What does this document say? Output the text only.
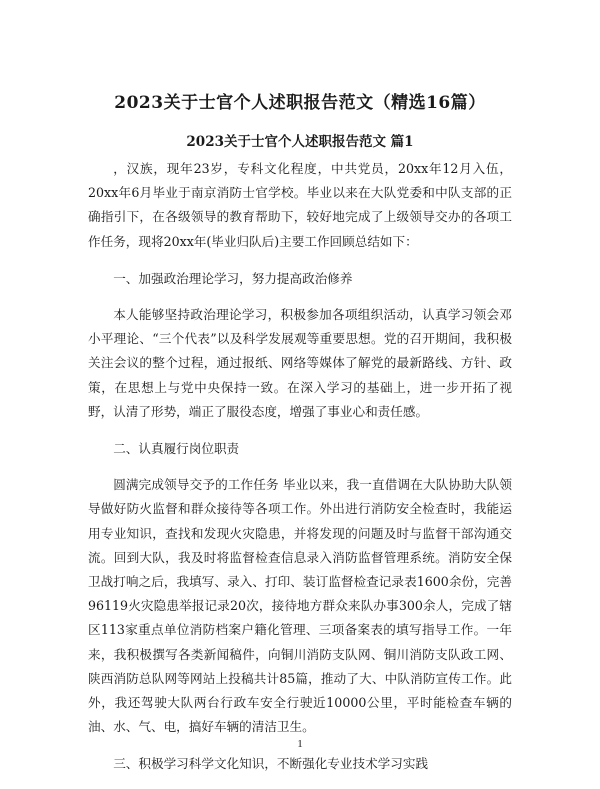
2023关于士官个人述职报告范文（精选16篇）
2023关于士官个人述职报告范文 篇1

，汉族，现年23岁，专科文化程度，中共党员，20xx年12月入伍，20xx年6月毕业于南京消防士官学校。毕业以来在大队党委和中队支部的正确指引下，在各级领导的教育帮助下，较好地完成了上级领导交办的各项工作任务，现将20xx年(毕业归队后)主要工作回顾总结如下：

一、加强政治理论学习，努力提高政治修养

本人能够坚持政治理论学习，积极参加各项组织活动，认真学习领会邓小平理论、“三个代表”以及科学发展观等重要思想。党的召开期间，我积极关注会议的整个过程，通过报纸、网络等媒体了解党的最新路线、方针、政策，在思想上与党中央保持一致。在深入学习的基础上，进一步开拓了视野，认清了形势，端正了服役态度，增强了事业心和责任感。

二、认真履行岗位职责

圆满完成领导交予的工作任务 毕业以来，我一直借调在大队协助大队领导做好防火监督和群众接待等各项工作。外出进行消防安全检查时，我能运用专业知识，查找和发现火灾隐患，并将发现的问题及时与监督干部沟通交流。回到大队，我及时将监督检查信息录入消防监督管理系统。消防安全保卫战打响之后，我填写、录入、打印、装订监督检查记录表1600余份，完善96119火灾隐患举报记录20次，接待地方群众来队办事300余人，完成了辖区113家重点单位消防档案户籍化管理、三项备案表的填写指导工作。一年来，我积极撰写各类新闻稿件，向铜川消防支队网、铜川消防支队政工网、陕西消防总队网等网站上投稿共计85篇，推动了大、中队消防宣传工作。此外，我还驾驶大队两台行政车安全行驶近10000公里，平时能检查车辆的油、水、气、电，搞好车辆的清洁卫生。

三、积极学习科学文化知识，不断强化专业技术学习实践

1
